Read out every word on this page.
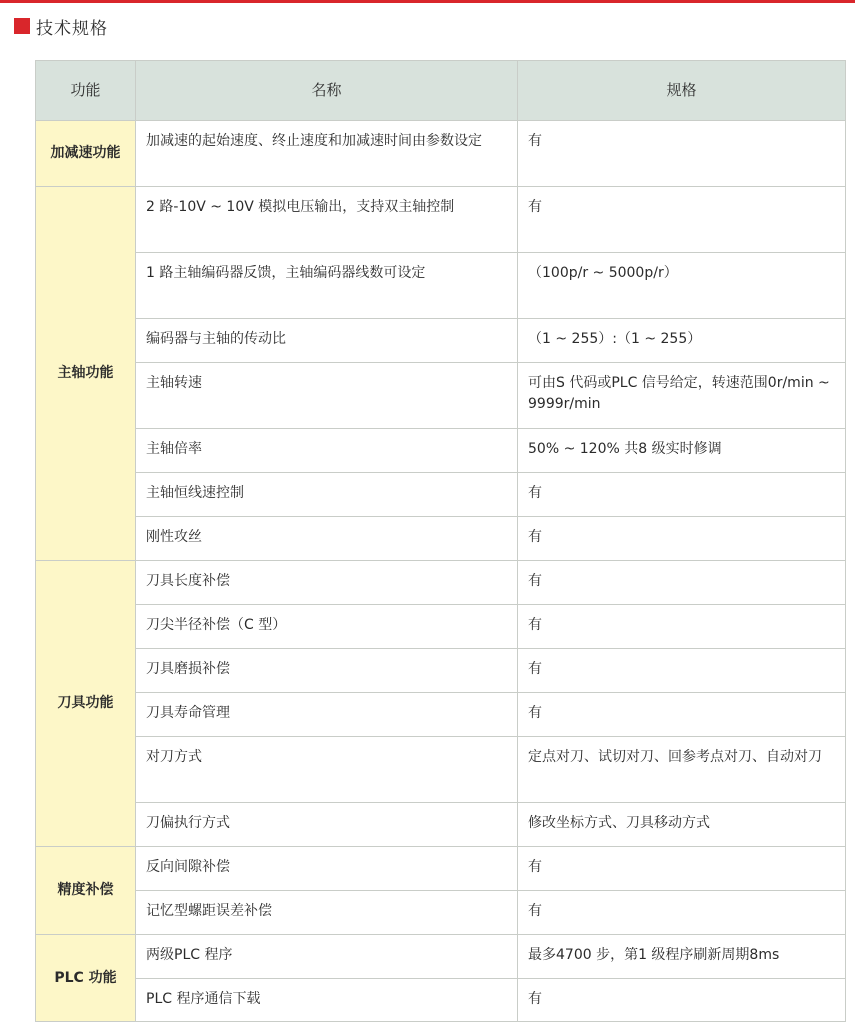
技术规格
功能	名称	规格
加减速功能	加减速的起始速度、终止速度和加减速时间由参数设定	有
主轴功能	2 路-10V ~ 10V 模拟电压输出，支持双主轴控制	有
	1 路主轴编码器反馈，主轴编码器线数可设定	（100p/r ~ 5000p/r）
	编码器与主轴的传动比	（1 ~ 255）:（1 ~ 255）
	主轴转速	可由S 代码或PLC 信号给定，转速范围0r/min ~ 9999r/min
	主轴倍率	50% ~ 120% 共8 级实时修调
	主轴恒线速控制	有
	刚性攻丝	有
刀具功能	刀具长度补偿	有
	刀尖半径补偿（C 型）	有
	刀具磨损补偿	有
	刀具寿命管理	有
	对刀方式	定点对刀、试切对刀、回参考点对刀、自动对刀
	刀偏执行方式	修改坐标方式、刀具移动方式
精度补偿	反向间隙补偿	有
	记忆型螺距误差补偿	有
PLC 功能	两级PLC 程序	最多4700 步，第1 级程序刷新周期8ms
	PLC 程序通信下载	有
